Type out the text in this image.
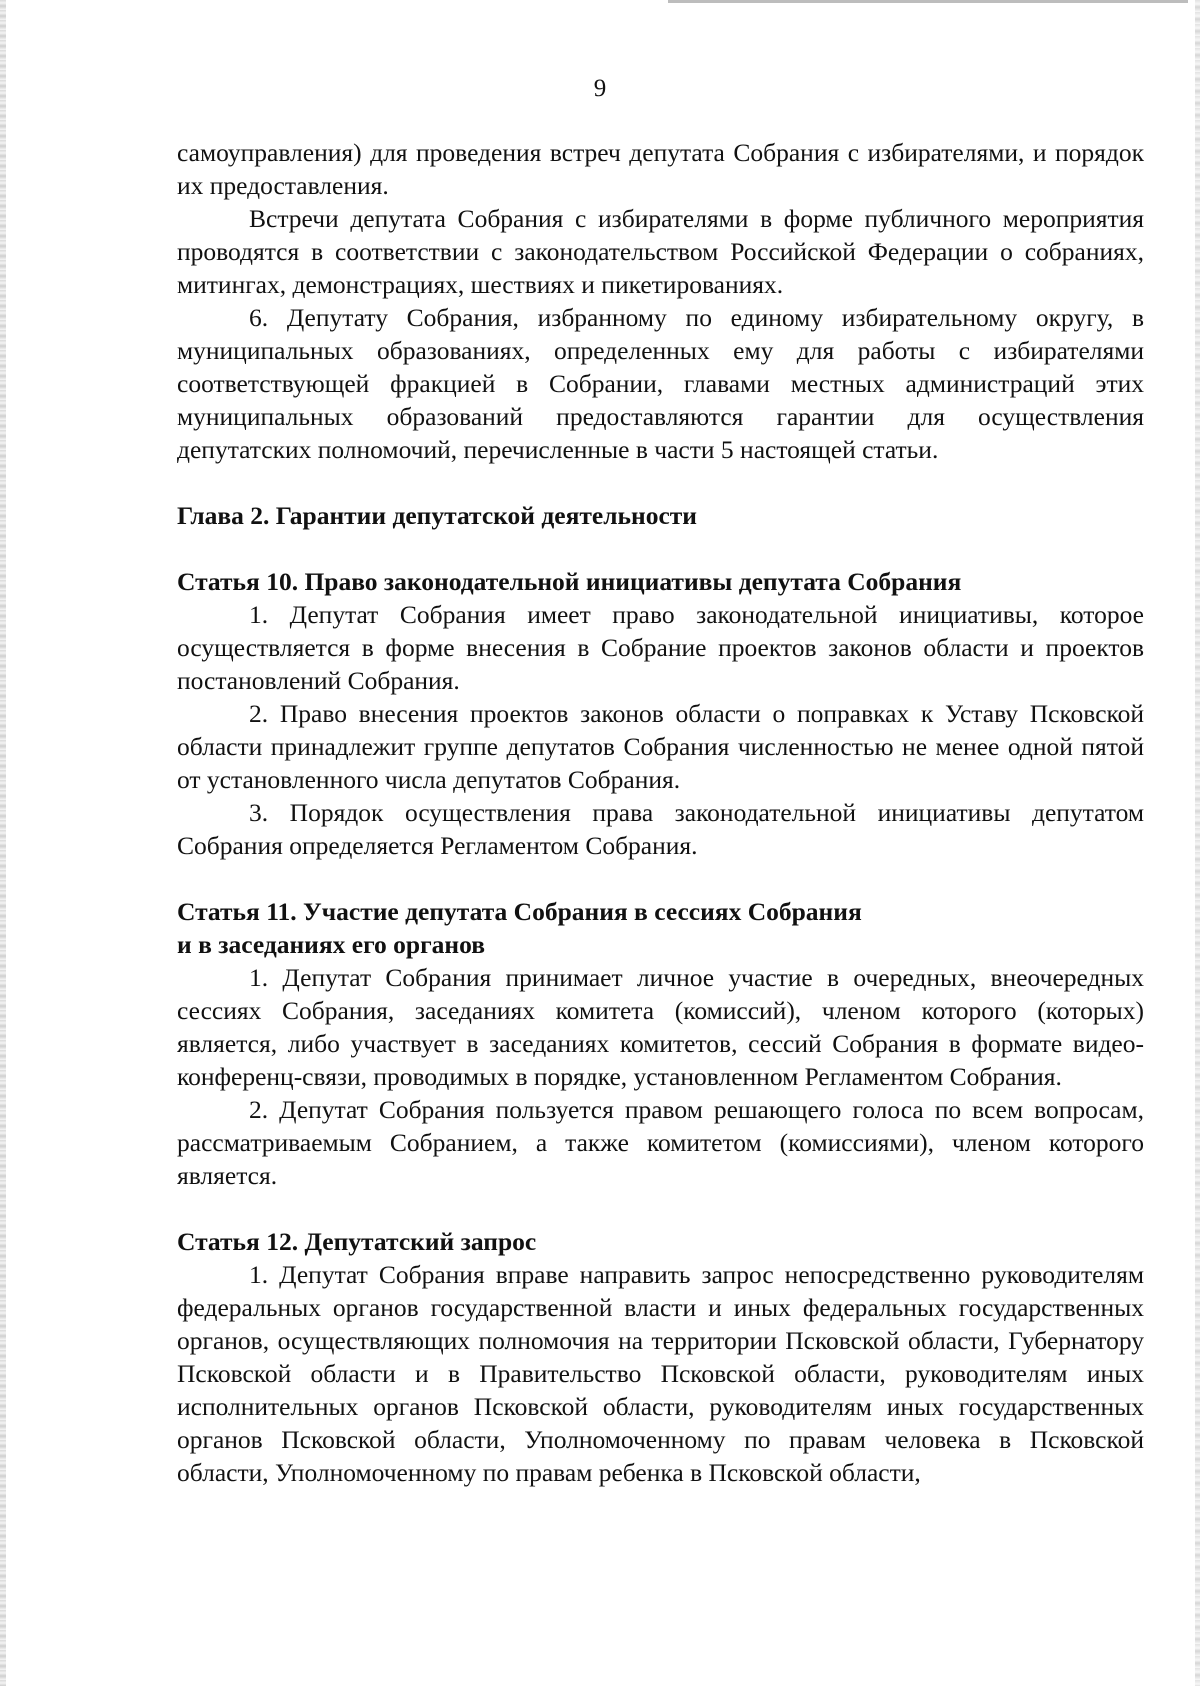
9

самоуправления) для проведения встреч депутата Собрания с избирателями, и порядок их предоставления.

Встречи депутата Собрания с избирателями в форме публичного мероприятия проводятся в соответствии с законодательством Российской Федерации о собраниях, митингах, демонстрациях, шествиях и пикетированиях.

6. Депутату Собрания, избранному по единому избирательному округу, в муниципальных образованиях, определенных ему для работы с избирателями соответствующей фракцией в Собрании, главами местных администраций этих муниципальных образований предоставляются гарантии для осуществления депутатских полномочий, перечисленные в части 5 настоящей статьи.

Глава 2. Гарантии депутатской деятельности

Статья 10. Право законодательной инициативы депутата Собрания

1. Депутат Собрания имеет право законодательной инициативы, которое осуществляется в форме внесения в Собрание проектов законов области и проектов постановлений Собрания.

2. Право внесения проектов законов области о поправках к Уставу Псковской области принадлежит группе депутатов Собрания численностью не менее одной пятой от установленного числа депутатов Собрания.

3. Порядок осуществления права законодательной инициативы депутатом Собрания определяется Регламентом Собрания.

Статья 11. Участие депутата Собрания в сессиях Собрания

и в заседаниях его органов

1. Депутат Собрания принимает личное участие в очередных, внеочередных сессиях Собрания, заседаниях комитета (комиссий), членом которого (которых) является, либо участвует в заседаниях комитетов, сессий Собрания в формате видео-конференц-связи, проводимых в порядке, установленном Регламентом Собрания.

2. Депутат Собрания пользуется правом решающего голоса по всем вопросам, рассматриваемым Собранием, а также комитетом (комиссиями), членом которого является.

Статья 12. Депутатский запрос

1. Депутат Собрания вправе направить запрос непосредственно руководителям федеральных органов государственной власти и иных федеральных государственных органов, осуществляющих полномочия на территории Псковской области, Губернатору Псковской области и в Правительство Псковской области, руководителям иных исполнительных органов Псковской области, руководителям иных государственных органов Псковской области, Уполномоченному по правам человека в Псковской области, Уполномоченному по правам ребенка в Псковской области,
